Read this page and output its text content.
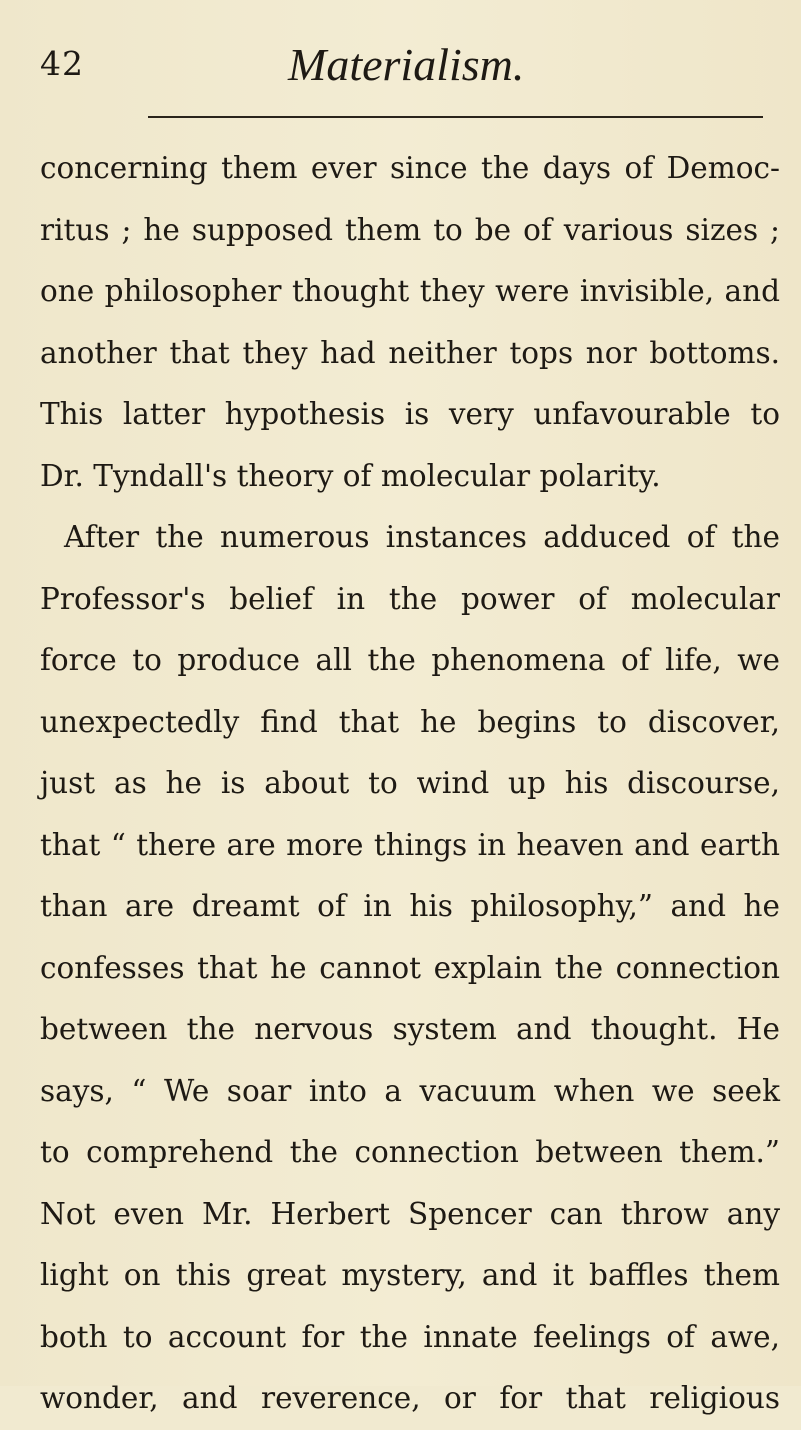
42	Materialism.
concerning them ever since the days of Democ-
ritus ; he supposed them to be of various sizes ;
one philosopher thought they were invisible, and
another that they had neither tops nor bottoms.
This latter hypothesis is very unfavourable to
Dr. Tyndall's theory of molecular polarity.
After the numerous instances adduced of the
Professor's belief in the power of molecular
force to produce all the phenomena of life, we
unexpectedly find that he begins to discover,
just as he is about to wind up his discourse,
that “ there are more things in heaven and earth
than are dreamt of in his philosophy,” and he
confesses that he cannot explain the connection
between the nervous system and thought. He
says, “ We soar into a vacuum when we seek
to comprehend the connection between them.”
Not even Mr. Herbert Spencer can throw any
light on this great mystery, and it baffles them
both to account for the innate feelings of awe,
wonder, and reverence, or for that religious
